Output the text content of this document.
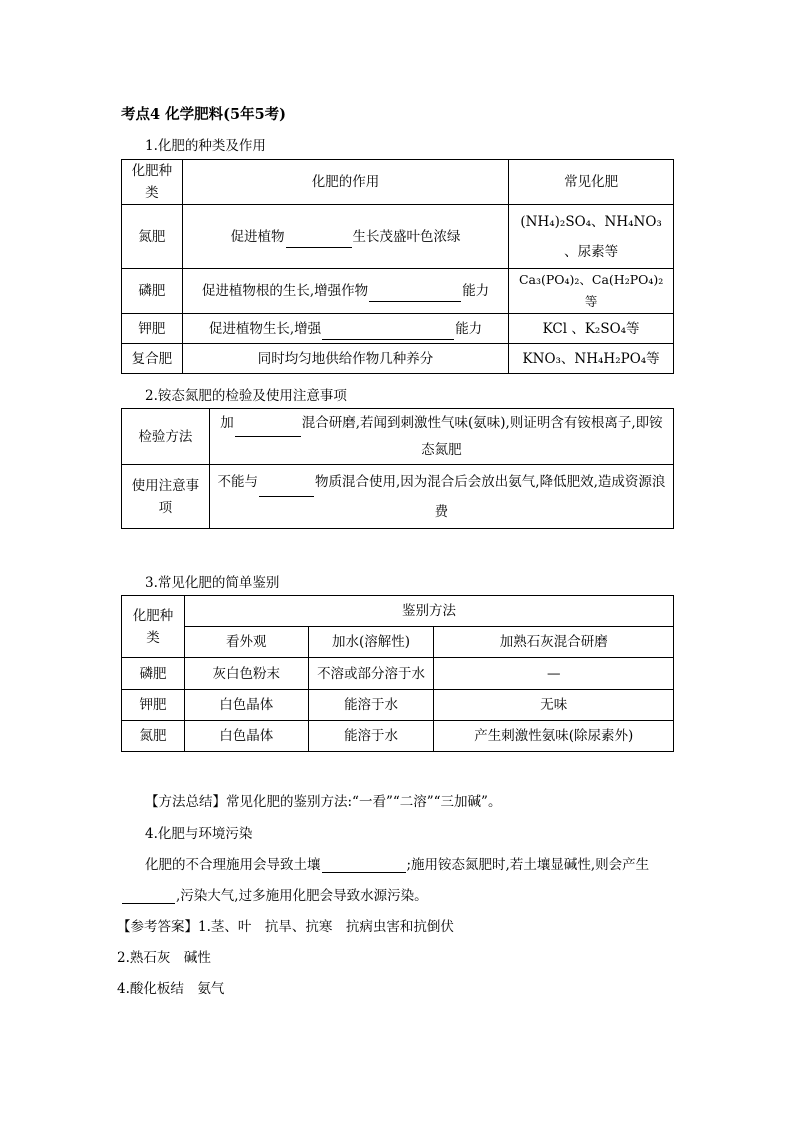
考点4 化学肥料(5年5考)
1.化肥的种类及作用
化肥种类	化肥的作用	常见化肥
氮肥	促进植物 生长茂盛叶色浓绿	(NH₄)₂SO₄、NH₄NO₃ 、尿素等
磷肥	促进植物根的生长,增强作物 能力	Ca₃(PO₄)₂、Ca(H₂PO₄)₂等
钾肥	促进植物生长,增强 能力	KCl 、K₂SO₄等
复合肥	同时均匀地供给作物几种养分	KNO₃、NH₄H₂PO₄等
2.铵态氮肥的检验及使用注意事项
检验方法	加 混合研磨,若闻到刺激性气味(氨味),则证明含有铵根离子,即铵态氮肥
使用注意事项	不能与 物质混合使用,因为混合后会放出氨气,降低肥效,造成资源浪费
3.常见化肥的简单鉴别
化肥种类	鉴别方法		
	看外观	加水(溶解性)	加熟石灰混合研磨
磷肥	灰白色粉末	不溶或部分溶于水	—
钾肥	白色晶体	能溶于水	无味
氮肥	白色晶体	能溶于水	产生刺激性氨味(除尿素外)
【方法总结】常见化肥的鉴别方法:“一看”“二溶”“三加碱”。
4.化肥与环境污染
化肥的不合理施用会导致土壤	;施用铵态氮肥时,若土壤显碱性,则会产生
,污染大气,过多施用化肥会导致水源污染。
【参考答案】1.茎、叶　抗旱、抗寒　抗病虫害和抗倒伏
2.熟石灰　碱性
4.酸化板结　氨气
